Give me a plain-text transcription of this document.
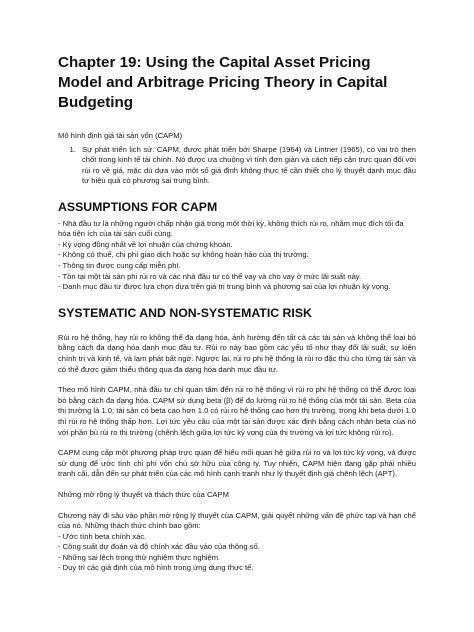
Chapter 19: Using the Capital Asset Pricing Model and Arbitrage Pricing Theory in Capital Budgeting
Mô hình định giá tài sản vốn (CAPM)
1. Sự phát triển lịch sử: CAPM, được phát triển bởi Sharpe (1964) và Lintner (1965), có vai trò then chốt trong kinh tế tài chính. Nó được ưa chuộng vì tính đơn giản và cách tiếp cận trực quan đối với rủi ro về giá, mặc dù dựa vào một số giả định không thực tế cần thiết cho lý thuyết danh mục đầu tư hiệu quả có phương sai trung bình.
ASSUMPTIONS FOR CAPM
- Nhà đầu tư là những người chấp nhận giá trong một thời kỳ, không thích rủi ro, nhằm mục đích tối đa hóa tiện ích của tài sản cuối cùng.
- Kỳ vọng đồng nhất về lợi nhuận của chứng khoán.
- Không có thuế, chi phí giao dịch hoặc sự không hoàn hảo của thị trường.
- Thông tin được cung cấp miễn phí.
- Tồn tại một tài sản phi rủi ro và các nhà đầu tư có thể vay và cho vay ở mức lãi suất này.
- Danh mục đầu tư được lựa chọn dựa trên giá trị trung bình và phương sai của lợi nhuận kỳ vọng.
SYSTEMATIC AND NON-SYSTEMATIC RISK

Rủi ro hệ thống, hay rủi ro không thể đa dạng hóa, ảnh hưởng đến tất cả các tài sản và không thể loại bỏ bằng cách đa dạng hóa danh mục đầu tư. Rủi ro này bao gồm các yếu tố như thay đổi lãi suất, sự kiện chính trị và kinh tế, và lạm phát bất ngờ. Ngược lại, rủi ro phi hệ thống là rủi ro đặc thù cho từng tài sản và có thể được giảm thiểu thông qua đa dạng hóa danh mục đầu tư.

Theo mô hình CAPM, nhà đầu tư chỉ quan tâm đến rủi ro hệ thống vì rủi ro phi hệ thống có thể được loại bỏ bằng cách đa dạng hóa. CAPM sử dụng beta (β) để đo lường rủi ro hệ thống của một tài sản. Beta của thị trường là 1.0; tài sản có beta cao hơn 1.0 có rủi ro hệ thống cao hơn thị trường, trong khi beta dưới 1.0 thì rủi ro hệ thống thấp hơn. Lợi tức yêu cầu của một tài sản được xác định bằng cách nhân beta của nó với phần bù rủi ro thị trường (chênh lệch giữa lợi tức kỳ vọng của thị trường và lợi tức không rủi ro).

CAPM cung cấp một phương pháp trực quan để hiểu mối quan hệ giữa rủi ro và lợi tức kỳ vọng, và được sử dụng để ước tính chi phí vốn chủ sở hữu của công ty. Tuy nhiên, CAPM hiện đang gặp phải nhiều tranh cãi, dẫn đến sự phát triển của các mô hình cạnh tranh như lý thuyết định giá chênh lệch (APT).

Những mở rộng lý thuyết và thách thức của CAPM

Chương này đi sâu vào phần mở rộng lý thuyết của CAPM, giải quyết những vấn đề phức tạp và hạn chế của nó. Những thách thức chính bao gồm:

- Ước tính beta chính xác.
- Công suất dự đoán và độ chính xác đầu vào của thông số.
- Những sai lệch trong thử nghiệm thực nghiệm.
- Duy trì các giả định của mô hình trong ứng dụng thực tế.
